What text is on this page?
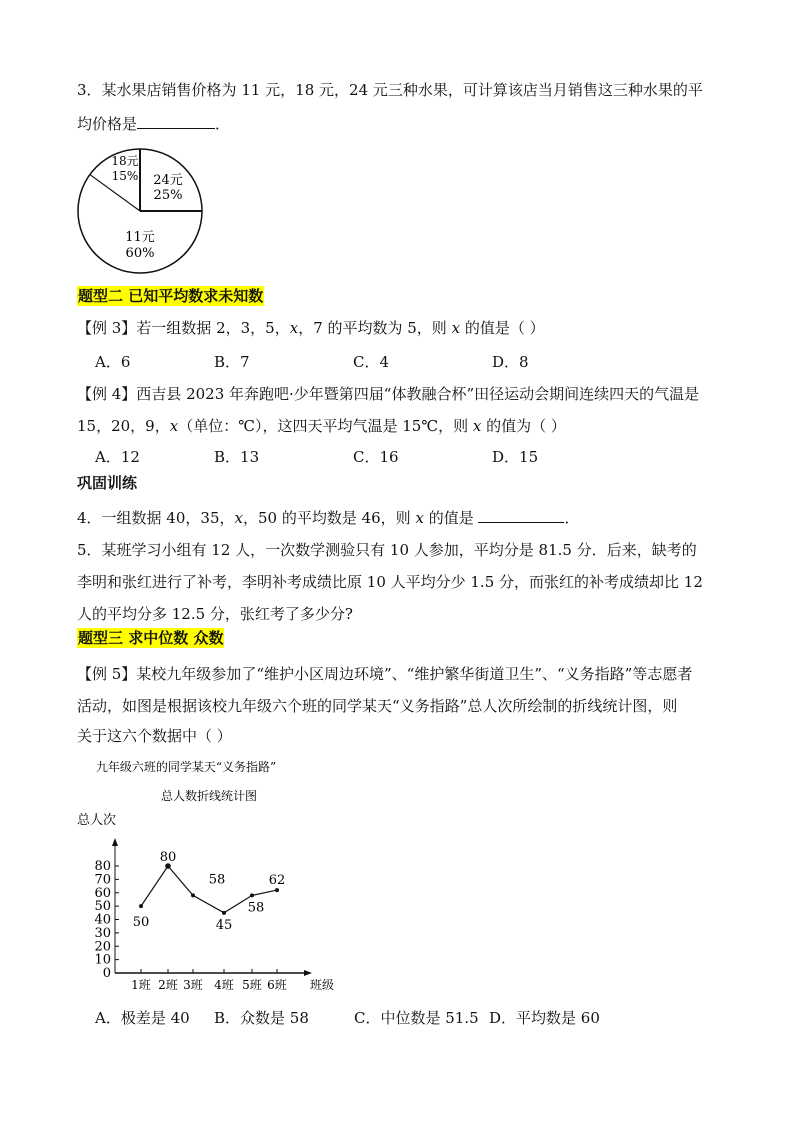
3．某水果店销售价格为 11 元，18 元，24 元三种水果，可计算该店当月销售这三种水果的平
均价格是	．
24元
25%
11元
60%
18元
15%
题型二 已知平均数求未知数
【例 3】若一组数据 2，3，5，x，7 的平均数为 5，则 x 的值是（ ）
A．6	B．7	C．4	D．8
【例 4】西吉县 2023 年奔跑吧·少年暨第四届“体教融合杯”田径运动会期间连续四天的气温是
15，20，9，x（单位：℃），这四天平均气温是 15℃，则 x 的值为（ ）
A．12	B．13	C．16	D．15
巩固训练
4．一组数据 40，35，x，50 的平均数是 46，则 x 的值是	．
5．某班学习小组有 12 人，一次数学测验只有 10 人参加，平均分是 81.5 分．后来，缺考的
李明和张红进行了补考，李明补考成绩比原 10 人平均分少 1.5 分，而张红的补考成绩却比 12
人的平均分多 12.5 分，张红考了多少分?
题型三 求中位数 众数
【例 5】某校九年级参加了“维护小区周边环境”、“维护繁华街道卫生”、“义务指路”等志愿者
活动，如图是根据该校九年级六个班的同学某天“义务指路”总人次所绘制的折线统计图，则
关于这六个数据中（ ）
九年级六班的同学某天“义务指路”
总人数折线统计图
总人次
0
10
20
30
40
50
60
70
80
1班 2班 3班 4班 5班 6班
50
80
58
45
58
62
班级
A．极差是 40 B．众数是 58	C．中位数是 51.5 D．平均数是 60
